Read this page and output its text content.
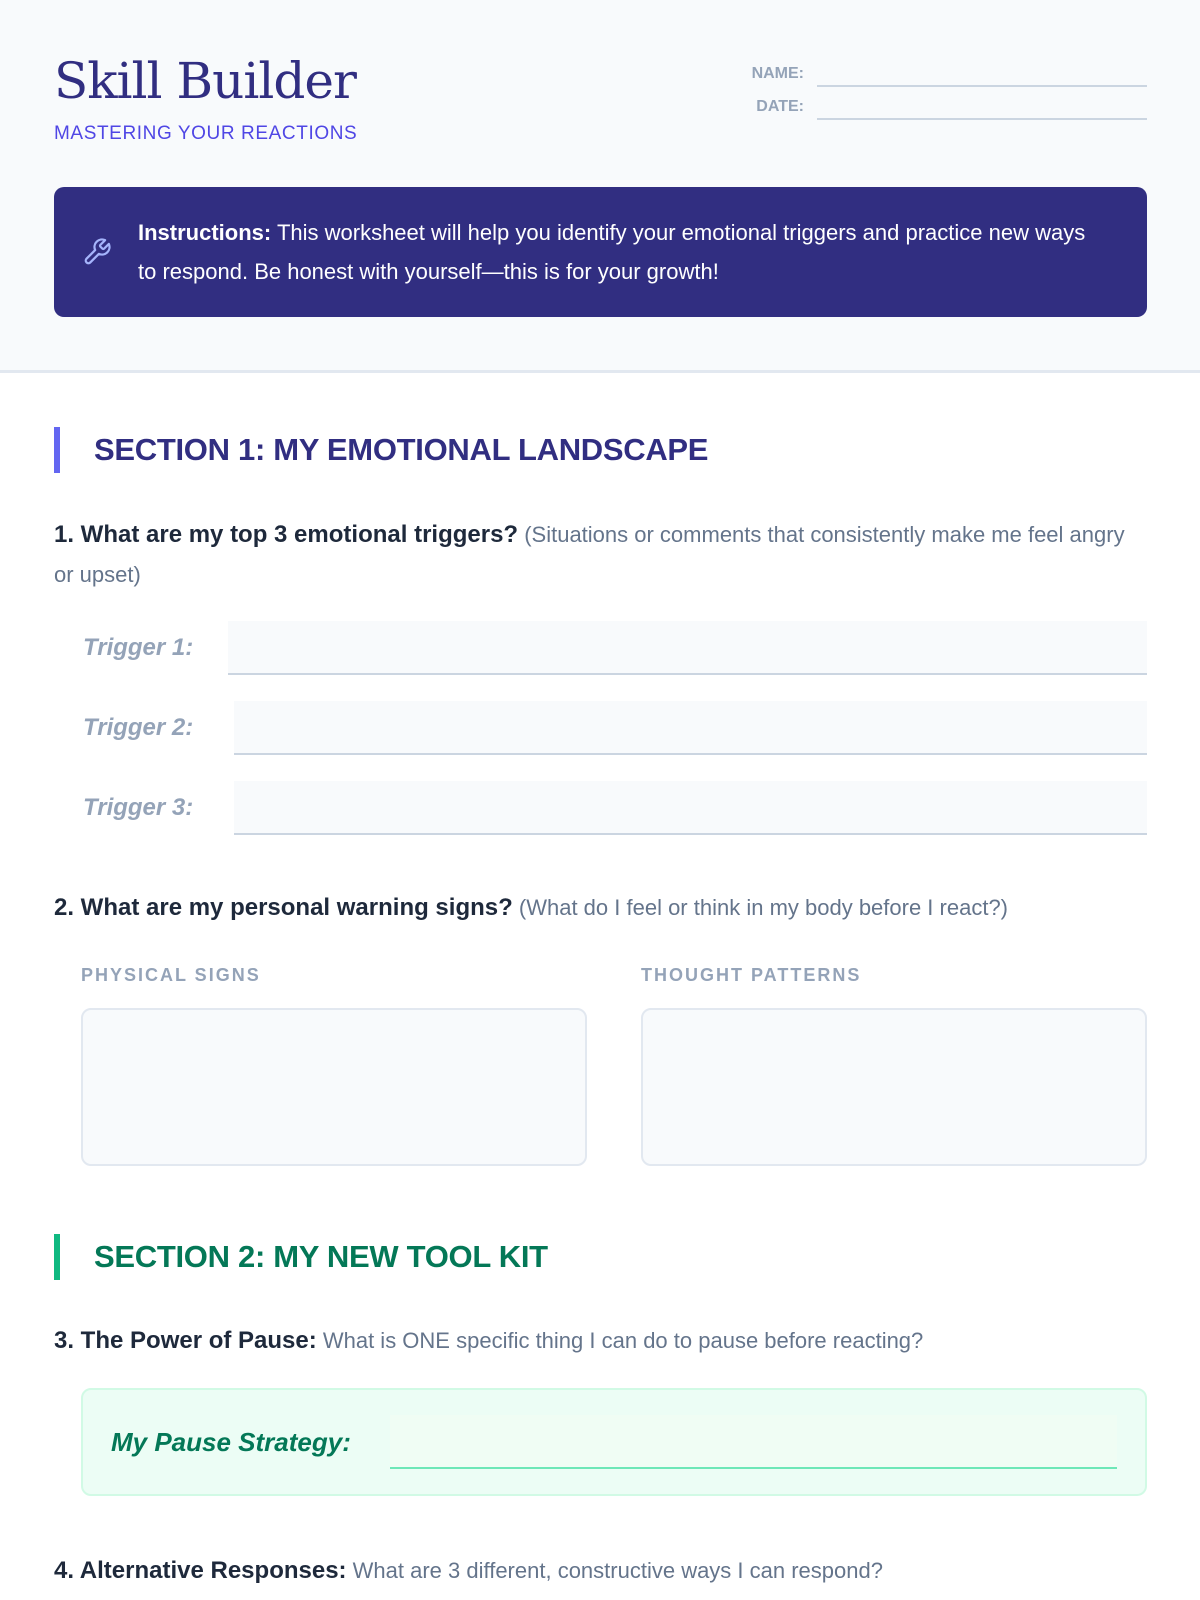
Skill Builder
MASTERING YOUR REACTIONS
NAME:
DATE:

Instructions: This worksheet will help you identify your emotional triggers and practice new ways to respond. Be honest with yourself—this is for your growth!

SECTION 1: MY EMOTIONAL LANDSCAPE
1. What are my top 3 emotional triggers? (Situations or comments that consistently make me feel angry or upset)
Trigger 1:
Trigger 2:
Trigger 3:
2. What are my personal warning signs? (What do I feel or think in my body before I react?)
PHYSICAL SIGNS	THOUGHT PATTERNS
SECTION 2: MY NEW TOOL KIT
3. The Power of Pause: What is ONE specific thing I can do to pause before reacting?
My Pause Strategy:
4. Alternative Responses: What are 3 different, constructive ways I can respond?
